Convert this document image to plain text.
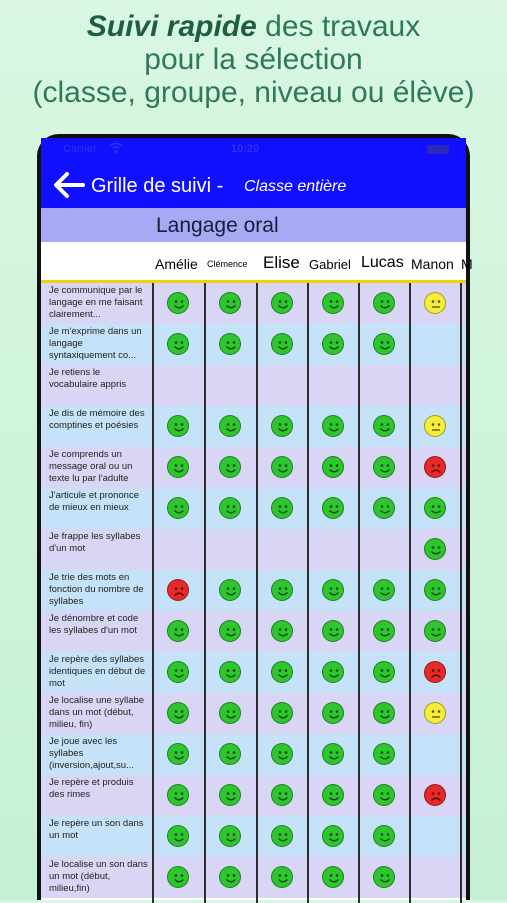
Suivi rapide des travaux
pour la sélection
(classe, groupe, niveau ou élève)
Carrier	10:20
Grille de suivi - Classe entière
Langage oral
Amélie Clémence Elise Gabriel Lucas Manon M
Je communique par le langage en me faisant clairement...
Je m'exprime dans un langage syntaxiquement co...
Je retiens le vocabulaire appris
Je dis de mémoire des comptines et poésies
Je comprends un message oral ou un texte lu par l'adulte
J'articule et prononce de mieux en mieux
Je frappe les syllabes d'un mot
Je trie des mots en fonction du nombre de syllabes
Je dénombre et code les syllabes d'un mot
Je repère des syllabes identiques en début de mot
Je localise une syllabe dans un mot (début, milieu, fin)
Je joue avec les syllabes (inversion,ajout,su...
Je repère et produis des rimes
Je repère un son dans un mot
Je localise un son dans un mot (début, milieu,fin)
